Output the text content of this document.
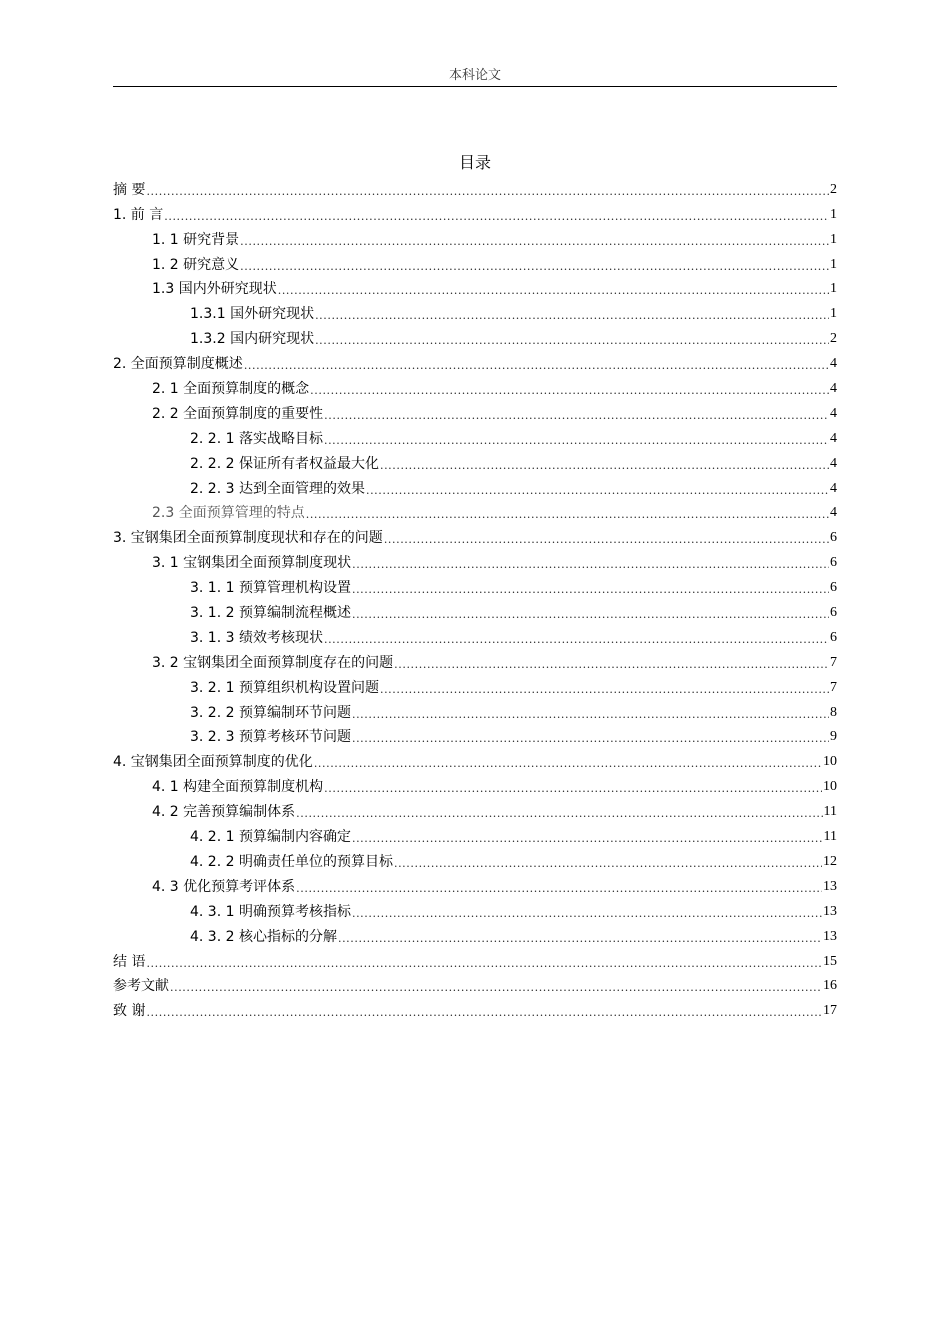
本科论文
目录
摘 要 .....	2
1. 前 言 .....	1
1. 1 研究背景 .....	1
1. 2 研究意义 .....	1
1.3 国内外研究现状 .....	1
1.3.1 国外研究现状 .....	1
1.3.2 国内研究现状 .....	2
2. 全面预算制度概述 .....	4
2. 1 全面预算制度的概念 .....	4
2. 2 全面预算制度的重要性 .....	4
2. 2. 1 落实战略目标 .....	4
2. 2. 2 保证所有者权益最大化 .....	4
2. 2. 3 达到全面管理的效果 .....	4
2.3 全面预算管理的特点 .....	4
3. 宝钢集团全面预算制度现状和存在的问题 .....	6
3. 1 宝钢集团全面预算制度现状 .....	6
3. 1. 1 预算管理机构设置 .....	6
3. 1. 2 预算编制流程概述 .....	6
3. 1. 3 绩效考核现状 .....	6
3. 2 宝钢集团全面预算制度存在的问题 .....	7
3. 2. 1 预算组织机构设置问题 .....	7
3. 2. 2 预算编制环节问题 .....	8
3. 2. 3 预算考核环节问题 .....	9
4. 宝钢集团全面预算制度的优化 .....	10
4. 1 构建全面预算制度机构 .....	10
4. 2 完善预算编制体系 .....	11
4. 2. 1 预算编制内容确定 .....	11
4. 2. 2 明确责任单位的预算目标 .....	12
4. 3 优化预算考评体系 .....	13
4. 3. 1 明确预算考核指标 .....	13
4. 3. 2 核心指标的分解 .....	13
结 语 .....	15
参考文献 .....	16
致 谢 .....	17
